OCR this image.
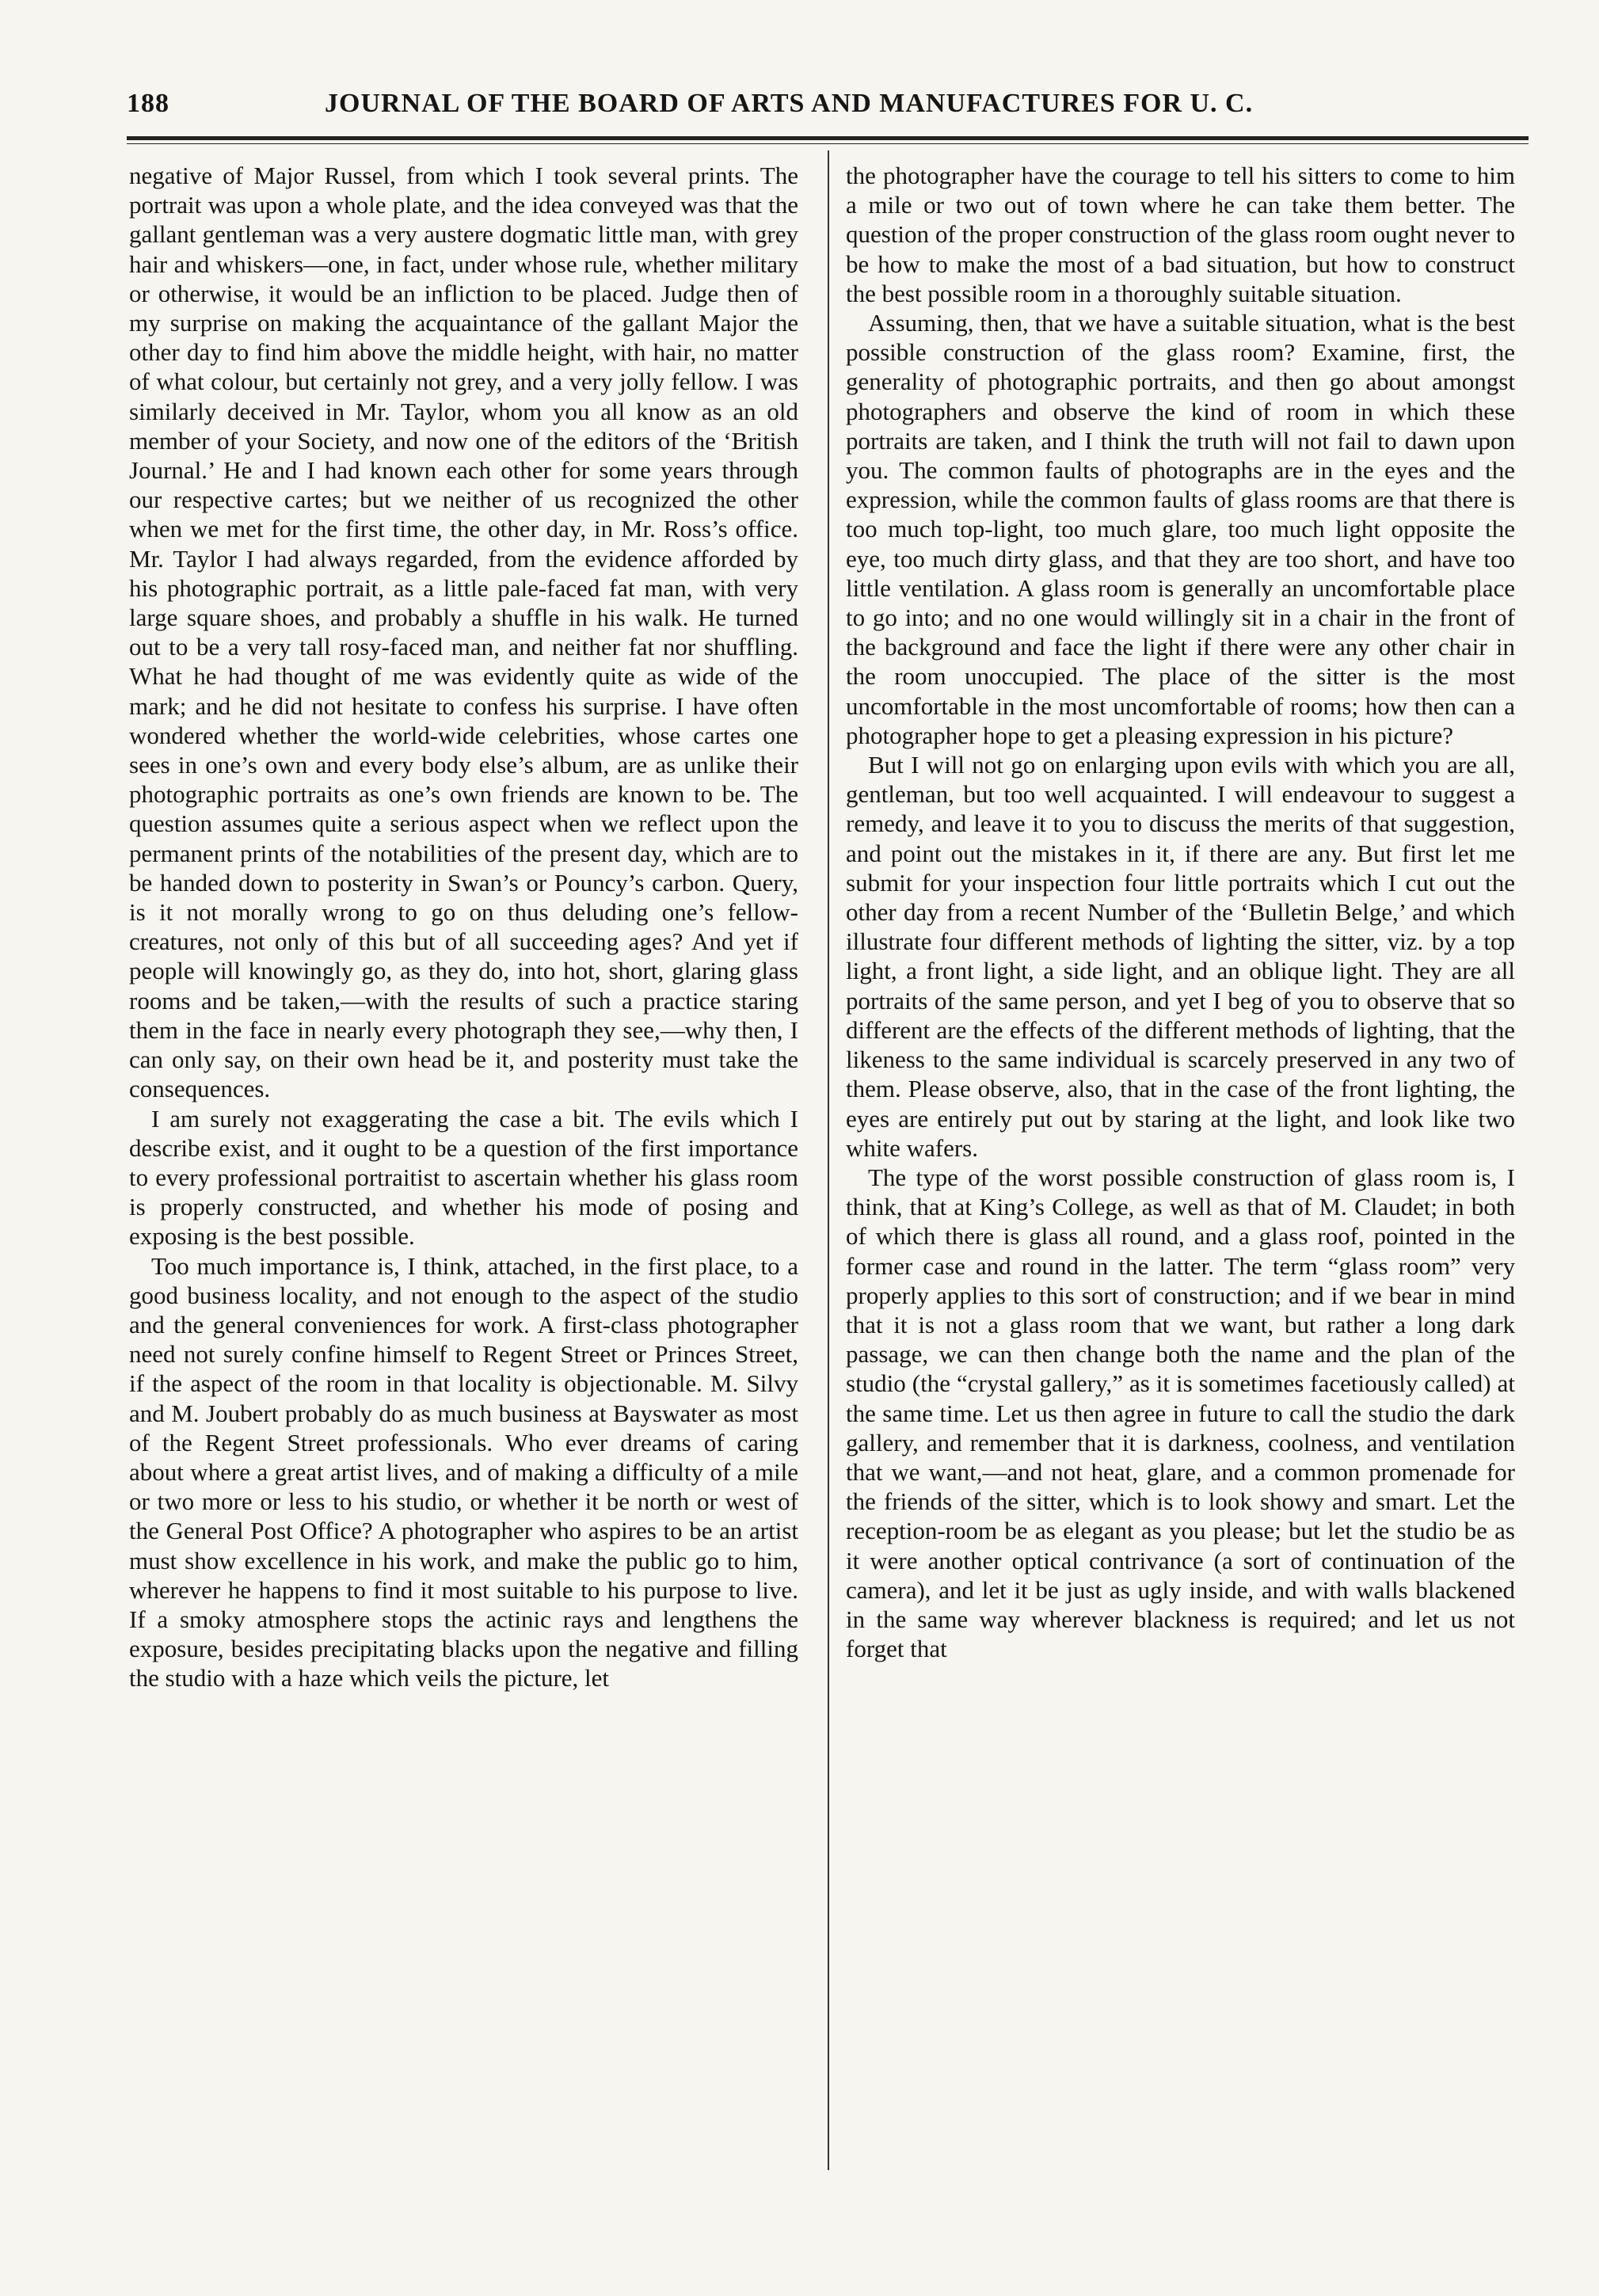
188	JOURNAL OF THE BOARD OF ARTS AND MANUFACTURES FOR U. C.

negative of Major Russel, from which I took several prints. The portrait was upon a whole plate, and the idea conveyed was that the gallant gentleman was a very austere dogmatic little man, with grey hair and whiskers—one, in fact, under whose rule, whether military or otherwise, it would be an infliction to be placed. Judge then of my surprise on making the acquaintance of the gallant Major the other day to find him above the middle height, with hair, no matter of what colour, but certainly not grey, and a very jolly fellow. I was similarly deceived in Mr. Taylor, whom you all know as an old member of your Society, and now one of the editors of the ‘British Journal.’ He and I had known each other for some years through our respective cartes; but we neither of us recognized the other when we met for the first time, the other day, in Mr. Ross’s office. Mr. Taylor I had always regarded, from the evidence afforded by his photographic portrait, as a little pale-faced fat man, with very large square shoes, and probably a shuffle in his walk. He turned out to be a very tall rosy-faced man, and neither fat nor shuffling. What he had thought of me was evidently quite as wide of the mark; and he did not hesitate to confess his surprise. I have often wondered whether the world-wide celebrities, whose cartes one sees in one’s own and every body else’s album, are as unlike their photographic portraits as one’s own friends are known to be. The question assumes quite a serious aspect when we reflect upon the permanent prints of the notabilities of the present day, which are to be handed down to posterity in Swan’s or Pouncy’s carbon. Query, is it not morally wrong to go on thus deluding one’s fellow-creatures, not only of this but of all succeeding ages? And yet if people will knowingly go, as they do, into hot, short, glaring glass rooms and be taken,—with the results of such a practice staring them in the face in nearly every photograph they see,—why then, I can only say, on their own head be it, and posterity must take the consequences.

I am surely not exaggerating the case a bit. The evils which I describe exist, and it ought to be a question of the first importance to every professional portraitist to ascertain whether his glass room is properly constructed, and whether his mode of posing and exposing is the best possible.

Too much importance is, I think, attached, in the first place, to a good business locality, and not enough to the aspect of the studio and the general conveniences for work. A first-class photographer need not surely confine himself to Regent Street or Princes Street, if the aspect of the room in that locality is objectionable. M. Silvy and M. Joubert probably do as much business at Bayswater as most of the Regent Street professionals. Who ever dreams of caring about where a great artist lives, and of making a difficulty of a mile or two more or less to his studio, or whether it be north or west of the General Post Office? A photographer who aspires to be an artist must show excellence in his work, and make the public go to him, wherever he happens to find it most suitable to his purpose to live. If a smoky atmosphere stops the actinic rays and lengthens the exposure, besides precipitating blacks upon the negative and filling the studio with a haze which veils the picture, let

the photographer have the courage to tell his sitters to come to him a mile or two out of town where he can take them better. The question of the proper construction of the glass room ought never to be how to make the most of a bad situation, but how to construct the best possible room in a thoroughly suitable situation.

Assuming, then, that we have a suitable situation, what is the best possible construction of the glass room? Examine, first, the generality of photographic portraits, and then go about amongst photographers and observe the kind of room in which these portraits are taken, and I think the truth will not fail to dawn upon you. The common faults of photographs are in the eyes and the expression, while the common faults of glass rooms are that there is too much top-light, too much glare, too much light opposite the eye, too much dirty glass, and that they are too short, and have too little ventilation. A glass room is generally an uncomfortable place to go into; and no one would willingly sit in a chair in the front of the background and face the light if there were any other chair in the room unoccupied. The place of the sitter is the most uncomfortable in the most uncomfortable of rooms; how then can a photographer hope to get a pleasing expression in his picture?

But I will not go on enlarging upon evils with which you are all, gentleman, but too well acquainted. I will endeavour to suggest a remedy, and leave it to you to discuss the merits of that suggestion, and point out the mistakes in it, if there are any. But first let me submit for your inspection four little portraits which I cut out the other day from a recent Number of the ‘Bulletin Belge,’ and which illustrate four different methods of lighting the sitter, viz. by a top light, a front light, a side light, and an oblique light. They are all portraits of the same person, and yet I beg of you to observe that so different are the effects of the different methods of lighting, that the likeness to the same individual is scarcely preserved in any two of them. Please observe, also, that in the case of the front lighting, the eyes are entirely put out by staring at the light, and look like two white wafers.

The type of the worst possible construction of glass room is, I think, that at King’s College, as well as that of M. Claudet; in both of which there is glass all round, and a glass roof, pointed in the former case and round in the latter. The term “glass room” very properly applies to this sort of construction; and if we bear in mind that it is not a glass room that we want, but rather a long dark passage, we can then change both the name and the plan of the studio (the “crystal gallery,” as it is sometimes facetiously called) at the same time. Let us then agree in future to call the studio the dark gallery, and remember that it is darkness, coolness, and ventilation that we want,—and not heat, glare, and a common promenade for the friends of the sitter, which is to look showy and smart. Let the reception-room be as elegant as you please; but let the studio be as it were another optical contrivance (a sort of continuation of the camera), and let it be just as ugly inside, and with walls blackened in the same way wherever blackness is required; and let us not forget that
